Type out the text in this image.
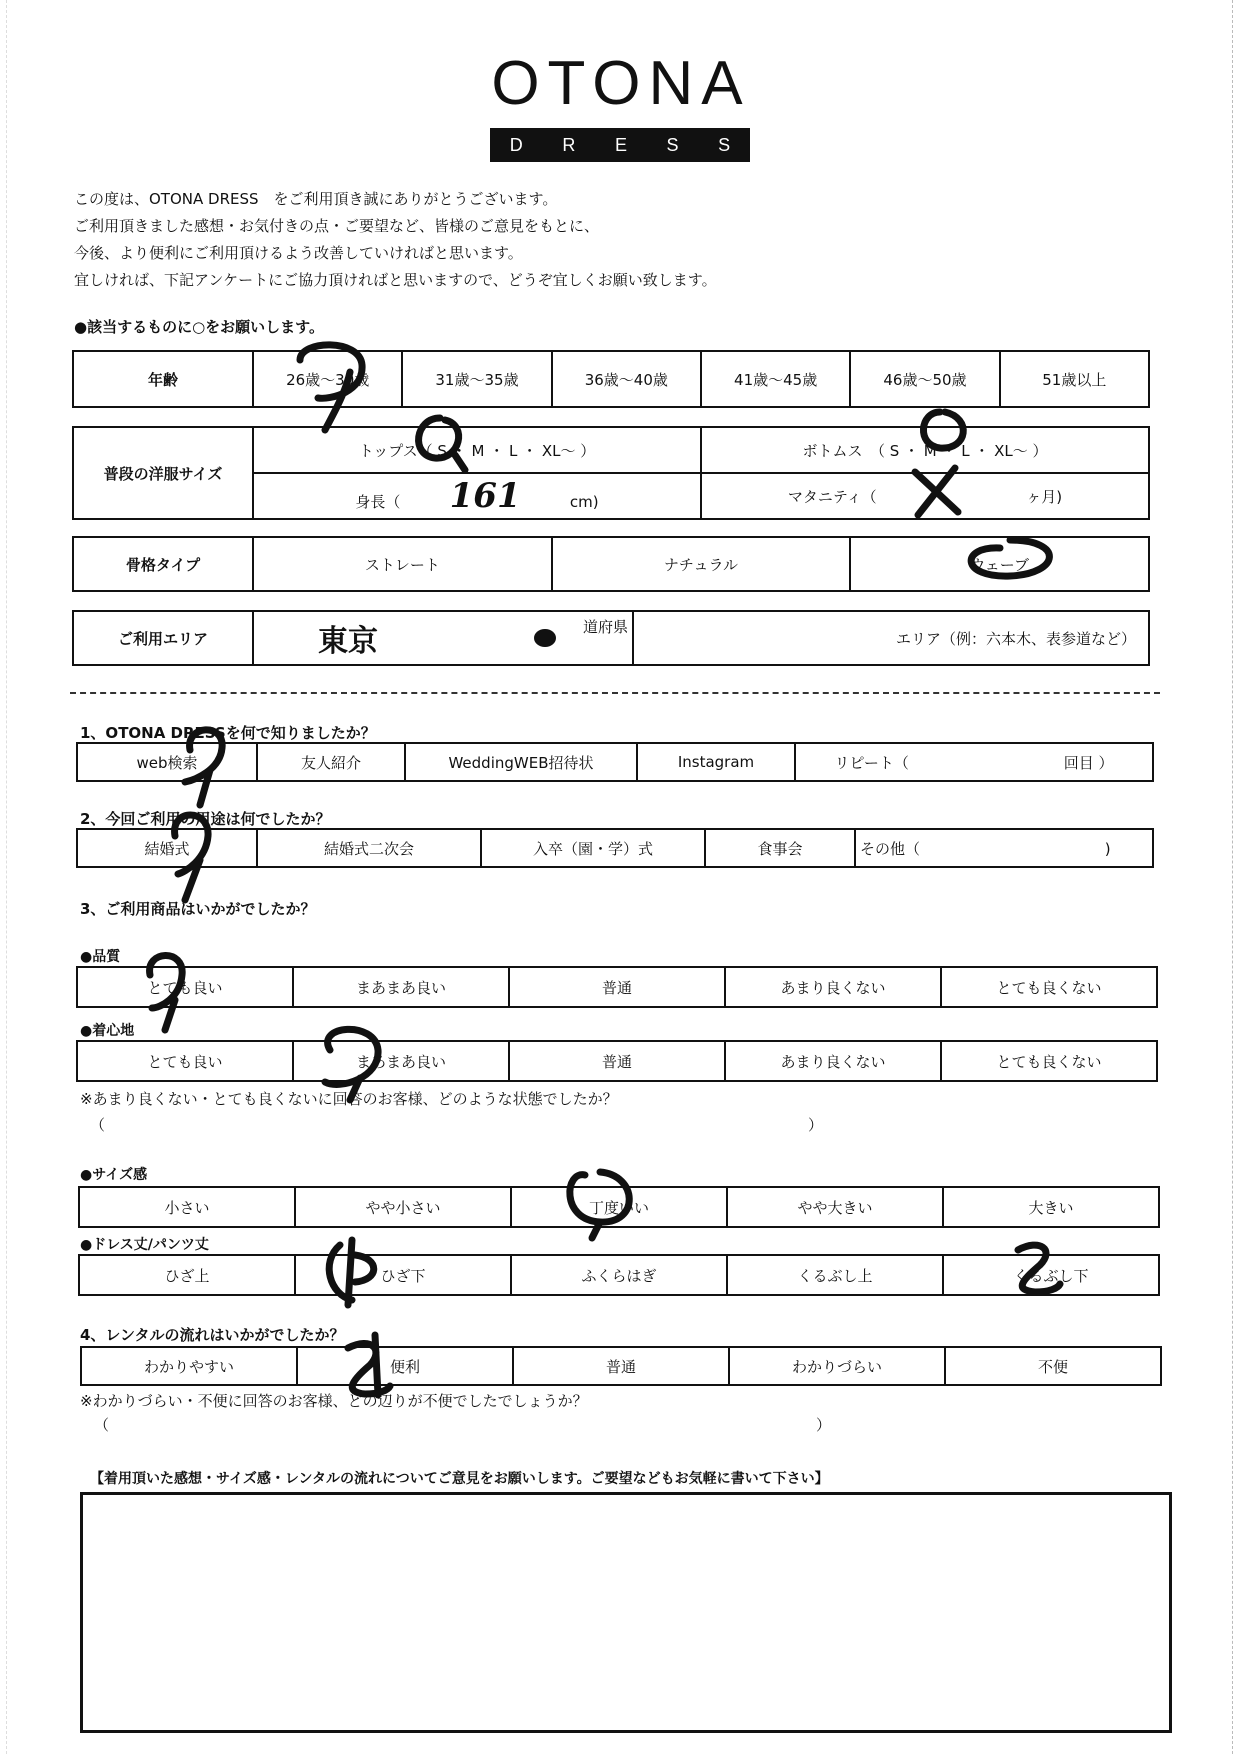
OTONA
D R E S S
この度は、OTONA DRESS　をご利用頂き誠にありがとうございます。
ご利用頂きました感想・お気付きの点・ご要望など、皆様のご意見をもとに、
今後、より便利にご利用頂けるよう改善していければと思います。
宜しければ、下記アンケートにご協力頂ければと思いますので、どうぞ宜しくお願い致します。
●該当するものに○をお願いします。
年齢	26歳～30歳	31歳～35歳	36歳～40歳	41歳～45歳	46歳～50歳	51歳以上
普段の洋服サイズ	トップス（ S ・ M ・ L ・ XL～ ）	ボトムス　（ S ・ M ・ L ・ XL～ ）
	身長（ 161 cm)	マタニティ（ ヶ月)
骨格タイプ	ストレート	ナチュラル	ウェーブ
ご利用エリア	東京	道府県	エリア（例：六本木、表参道など）
1、OTONA DRESSを何で知りましたか？
web検索	友人紹介	WeddingWEB招待状	Instagram	リピート（	回目 ）
2、今回ご利用の用途は何でしたか？
結婚式	結婚式二次会	入卒（園・学）式	食事会	その他（	)
3、ご利用商品はいかがでしたか？
●品質
とても良い	まあまあ良い	普通	あまり良くない	とても良くない
●着心地
とても良い	まあまあ良い	普通	あまり良くない	とても良くない
※あまり良くない・とても良くないに回答のお客様、どのような状態でしたか？
（	）
●サイズ感
小さい	やや小さい	丁度いい	やや大きい	大きい
●ドレス丈/パンツ丈
ひざ上	ひざ下	ふくらはぎ	くるぶし上	くるぶし下
4、レンタルの流れはいかがでしたか？
わかりやすい	便利	普通	わかりづらい	不便
※わかりづらい・不便に回答のお客様、どの辺りが不便でしたでしょうか？
（	）
【着用頂いた感想・サイズ感・レンタルの流れについてご意見をお願いします。ご要望などもお気軽に書いて下さい】
